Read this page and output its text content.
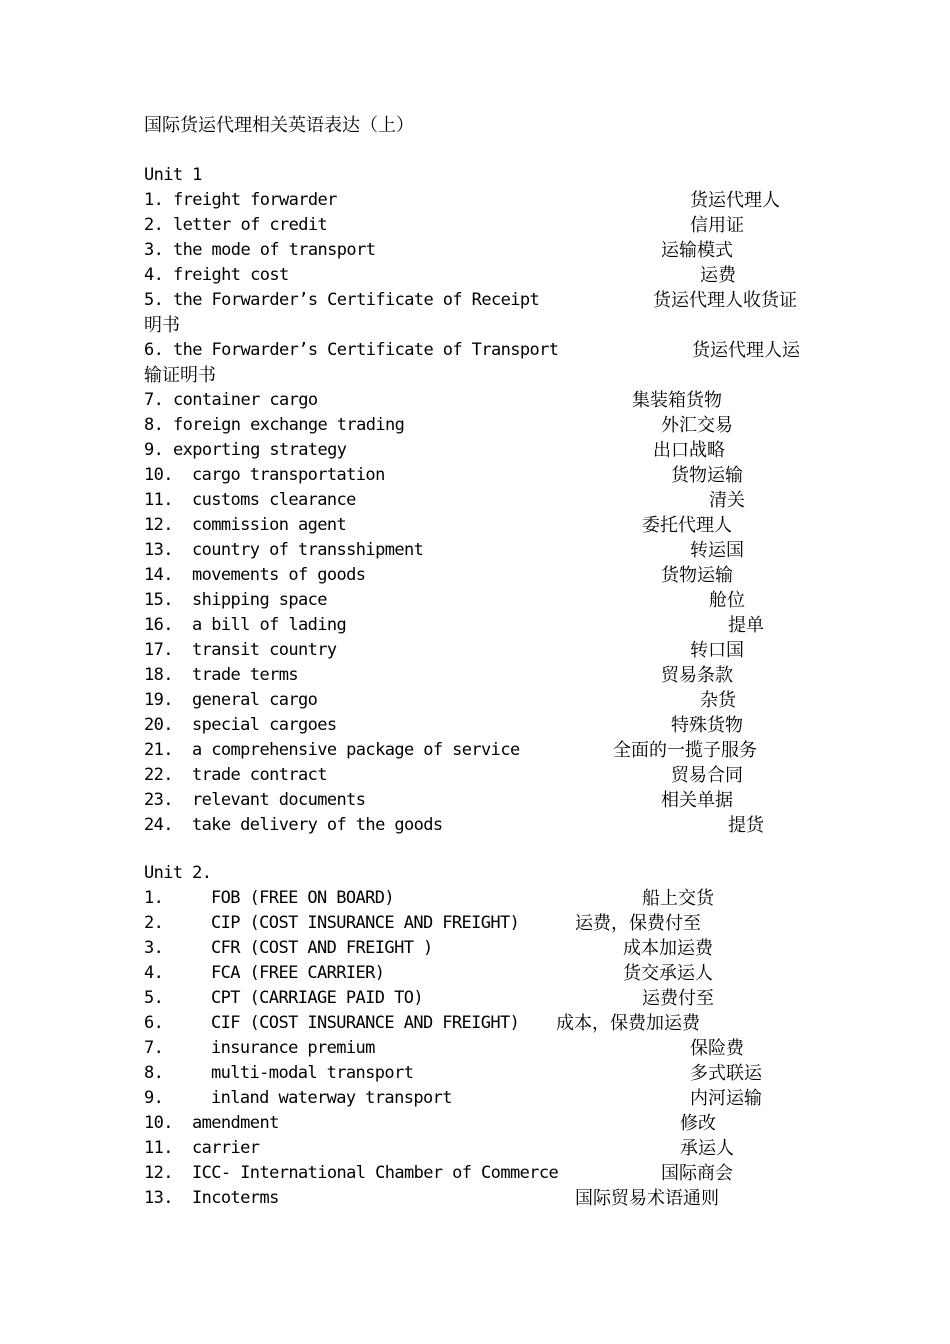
国际货运代理相关英语表达（上）

Unit 1

1. freight forwarder	货运代理人
2. letter of credit	信用证
3. the mode of transport	运输模式
4. freight cost	运费
5. the Forwarder’s Certificate of Receipt	货运代理人收货证
明书
6. the Forwarder’s Certificate of Transport	货运代理人运
输证明书
7. container cargo	集装箱货物
8. foreign exchange trading	外汇交易
9. exporting strategy	出口战略
10. cargo transportation	货物运输
11. customs clearance	清关
12. commission agent	委托代理人
13. country of transshipment	转运国
14. movements of goods	货物运输
15. shipping space	舱位
16. a bill of lading	提单
17. transit country	转口国
18. trade terms	贸易条款
19. general cargo	杂货
20. special cargoes	特殊货物
21. a comprehensive package of service	全面的一揽子服务
22. trade contract	贸易合同
23. relevant documents	相关单据
24. take delivery of the goods	提货

Unit 2.

1.	FOB (FREE ON BOARD)	船上交货
2.	CIP (COST INSURANCE AND FREIGHT)	运费，保费付至
3.	CFR (COST AND FREIGHT )	成本加运费
4.	FCA (FREE CARRIER)	货交承运人
5.	CPT (CARRIAGE PAID TO)	运费付至
6.	CIF (COST INSURANCE AND FREIGHT) 成本，保费加运费
7.	insurance premium	保险费
8.	multi-modal transport	多式联运
9.	inland waterway transport	内河运输
10. amendment	修改
11. carrier	承运人
12. ICC- International Chamber of Commerce	国际商会
13. Incoterms	国际贸易术语通则
